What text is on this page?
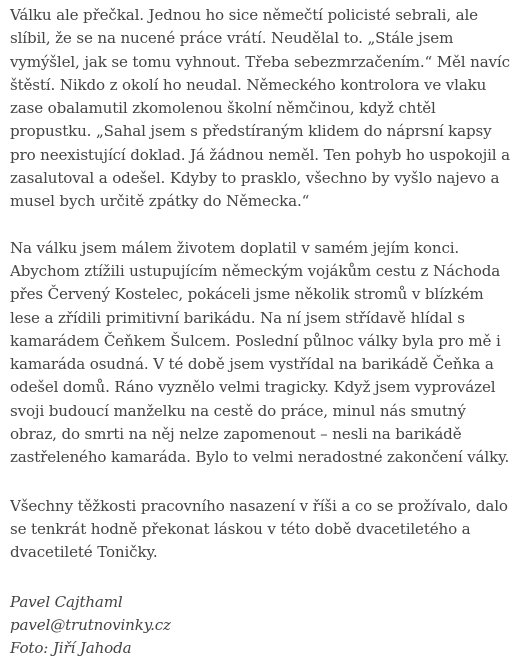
Válku ale přečkal. Jednou ho sice němečtí policisté sebrali, ale slíbil, že se na nucené práce vrátí. Neudělal to. „Stále jsem vymýšlel, jak se tomu vyhnout. Třeba sebezmrzačením.“ Měl navíc štěstí. Nikdo z okolí ho neudal. Německého kontrolora ve vlaku zase obalamutil zkomolenou školní němčinou, když chtěl propustku. „Sahal jsem s předstíraným klidem do náprsní kapsy pro neexistující doklad. Já žádnou neměl. Ten pohyb ho uspokojil a zasalutoval a odešel. Kdyby to prasklo, všechno by vyšlo najevo a musel bych určitě zpátky do Německa.“

Na válku jsem málem životem doplatil v samém jejím konci. Abychom ztížili ustupujícím německým vojákům cestu z Náchoda přes Červený Kostelec, pokáceli jsme několik stromů v blízkém lese a zřídili primitivní barikádu. Na ní jsem střídavě hlídal s kamarádem Čeňkem Šulcem. Poslední půlnoc války byla pro mě i kamaráda osudná. V té době jsem vystřídal na barikádě Čeňka a odešel domů. Ráno vyznělo velmi tragicky. Když jsem vyprovázel svoji budoucí manželku na cestě do práce, minul nás smutný obraz, do smrti na něj nelze zapomenout – nesli na barikádě zastřeleného kamaráda. Bylo to velmi neradostné zakončení války.

Všechny těžkosti pracovního nasazení v říši a co se prožívalo, dalo se tenkrát hodně překonat láskou v této době dvacetiletého a dvacetileté Toničky.

Pavel Cajthaml
pavel@trutnovinky.cz
Foto: Jiří Jahoda
